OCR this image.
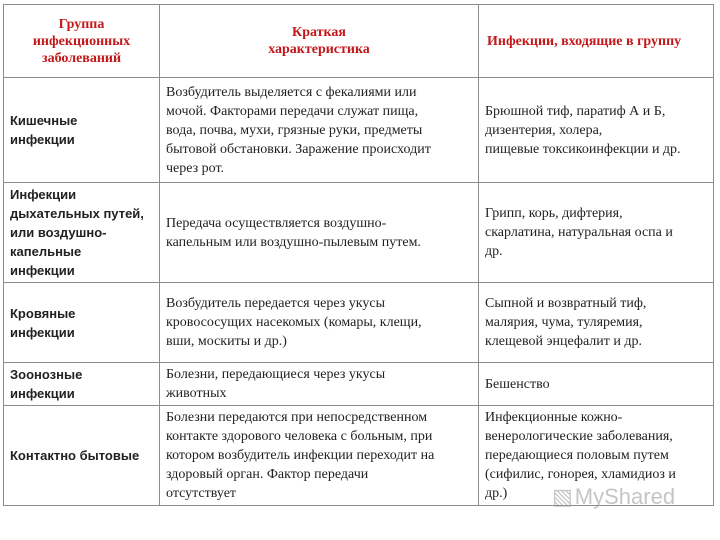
Группа
инфекционных
заболеваний	Краткая
характеристика	Инфекции, входящие в группу
Кишечные
инфекции	Возбудитель выделяется с фекалиями или
мочой. Факторами передачи служат пища,
вода, почва, мухи, грязные руки, предметы
бытовой обстановки. Заражение происходит
через рот.	Брюшной тиф, паратиф А и Б,
дизентерия, холера,
пищевые токсикоинфекции и др.
Инфекции
дыхательных путей,
или воздушно-
капельные
инфекции	Передача осуществляется воздушно-
капельным или воздушно-пылевым путем.	Грипп, корь, дифтерия,
скарлатина, натуральная оспа и
др.
Кровяные
инфекции	Возбудитель передается через укусы
кровососущих насекомых (комары, клещи,
вши, москиты и др.)	Сыпной и возвратный тиф,
малярия, чума, туляремия,
клещевой энцефалит и др.
Зоонозные
инфекции	Болезни, передающиеся через укусы
животных	Бешенство
Контактно бытовые	Болезни передаются при непосредственном
контакте здорового человека с больным, при
котором возбудитель инфекции переходит на
здоровый орган. Фактор передачи
отсутствует	Инфекционные кожно-
венерологические заболевания,
передающиеся половым путем
(сифилис, гонорея, хламидиоз и
др.) ▧MyShared
